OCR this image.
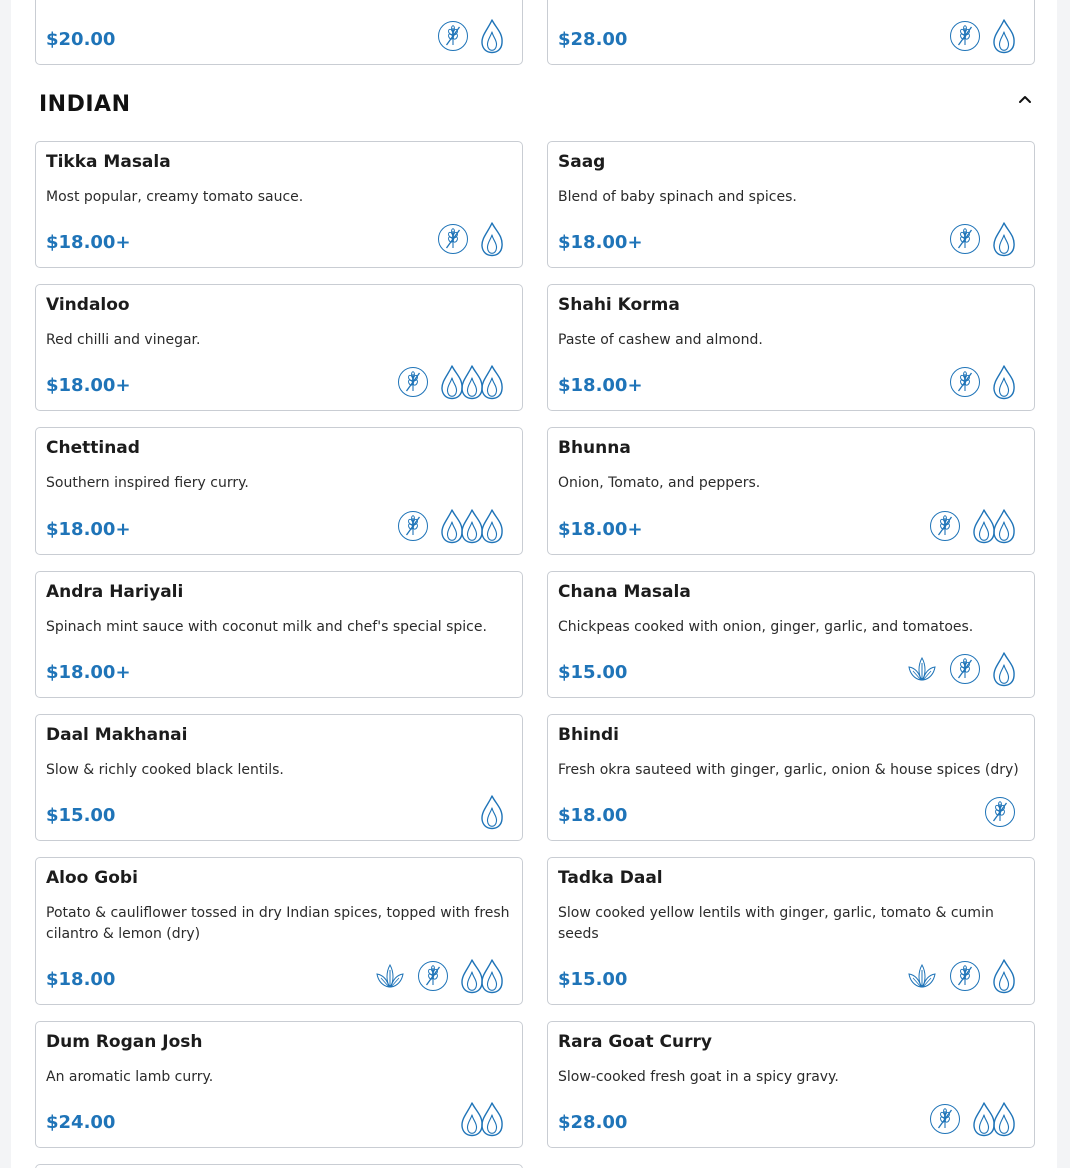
$20.00	$28.00
INDIAN
Tikka Masala
Most popular, creamy tomato sauce.
$18.00+
Saag
Blend of baby spinach and spices.
$18.00+
Vindaloo
Red chilli and vinegar.
$18.00+
Shahi Korma
Paste of cashew and almond.
$18.00+
Chettinad
Southern inspired fiery curry.
$18.00+
Bhunna
Onion, Tomato, and peppers.
$18.00+
Andra Hariyali
Spinach mint sauce with coconut milk and chef's special spice.
$18.00+
Chana Masala
Chickpeas cooked with onion, ginger, garlic, and tomatoes.
$15.00
Daal Makhanai
Slow & richly cooked black lentils.
$15.00
Bhindi
Fresh okra sauteed with ginger, garlic, onion & house spices (dry)
$18.00
Aloo Gobi
Potato & cauliflower tossed in dry Indian spices, topped with fresh cilantro & lemon (dry)
$18.00
Tadka Daal
Slow cooked yellow lentils with ginger, garlic, tomato & cumin seeds
$15.00
Dum Rogan Josh
An aromatic lamb curry.
$24.00
Rara Goat Curry
Slow-cooked fresh goat in a spicy gravy.
$28.00
